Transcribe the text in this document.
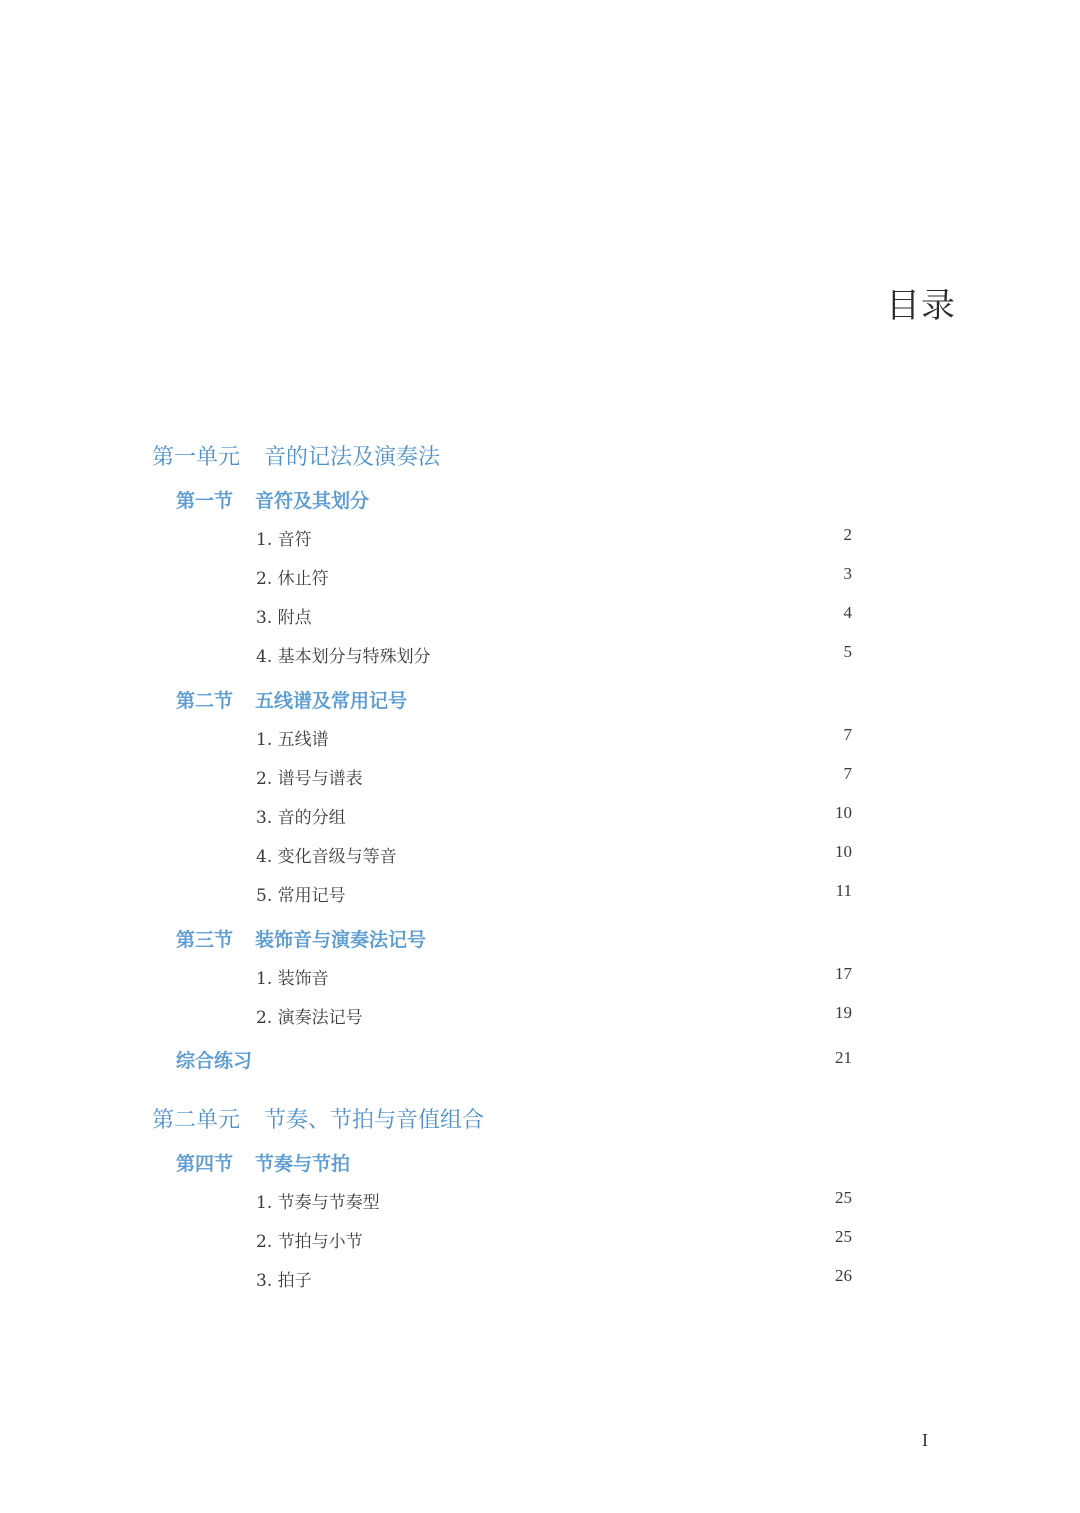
目录
第一单元 音的记法及演奏法
第一节 音符及其划分
1. 音符	2
2. 休止符	3
3. 附点	4
4. 基本划分与特殊划分	5
第二节 五线谱及常用记号
1. 五线谱	7
2. 谱号与谱表	7
3. 音的分组	10
4. 变化音级与等音	10
5. 常用记号	11
第三节 装饰音与演奏法记号
1. 装饰音	17
2. 演奏法记号	19
综合练习	21
第二单元 节奏、节拍与音值组合
第四节 节奏与节拍
1. 节奏与节奏型	25
2. 节拍与小节	25
3. 拍子	26
I
